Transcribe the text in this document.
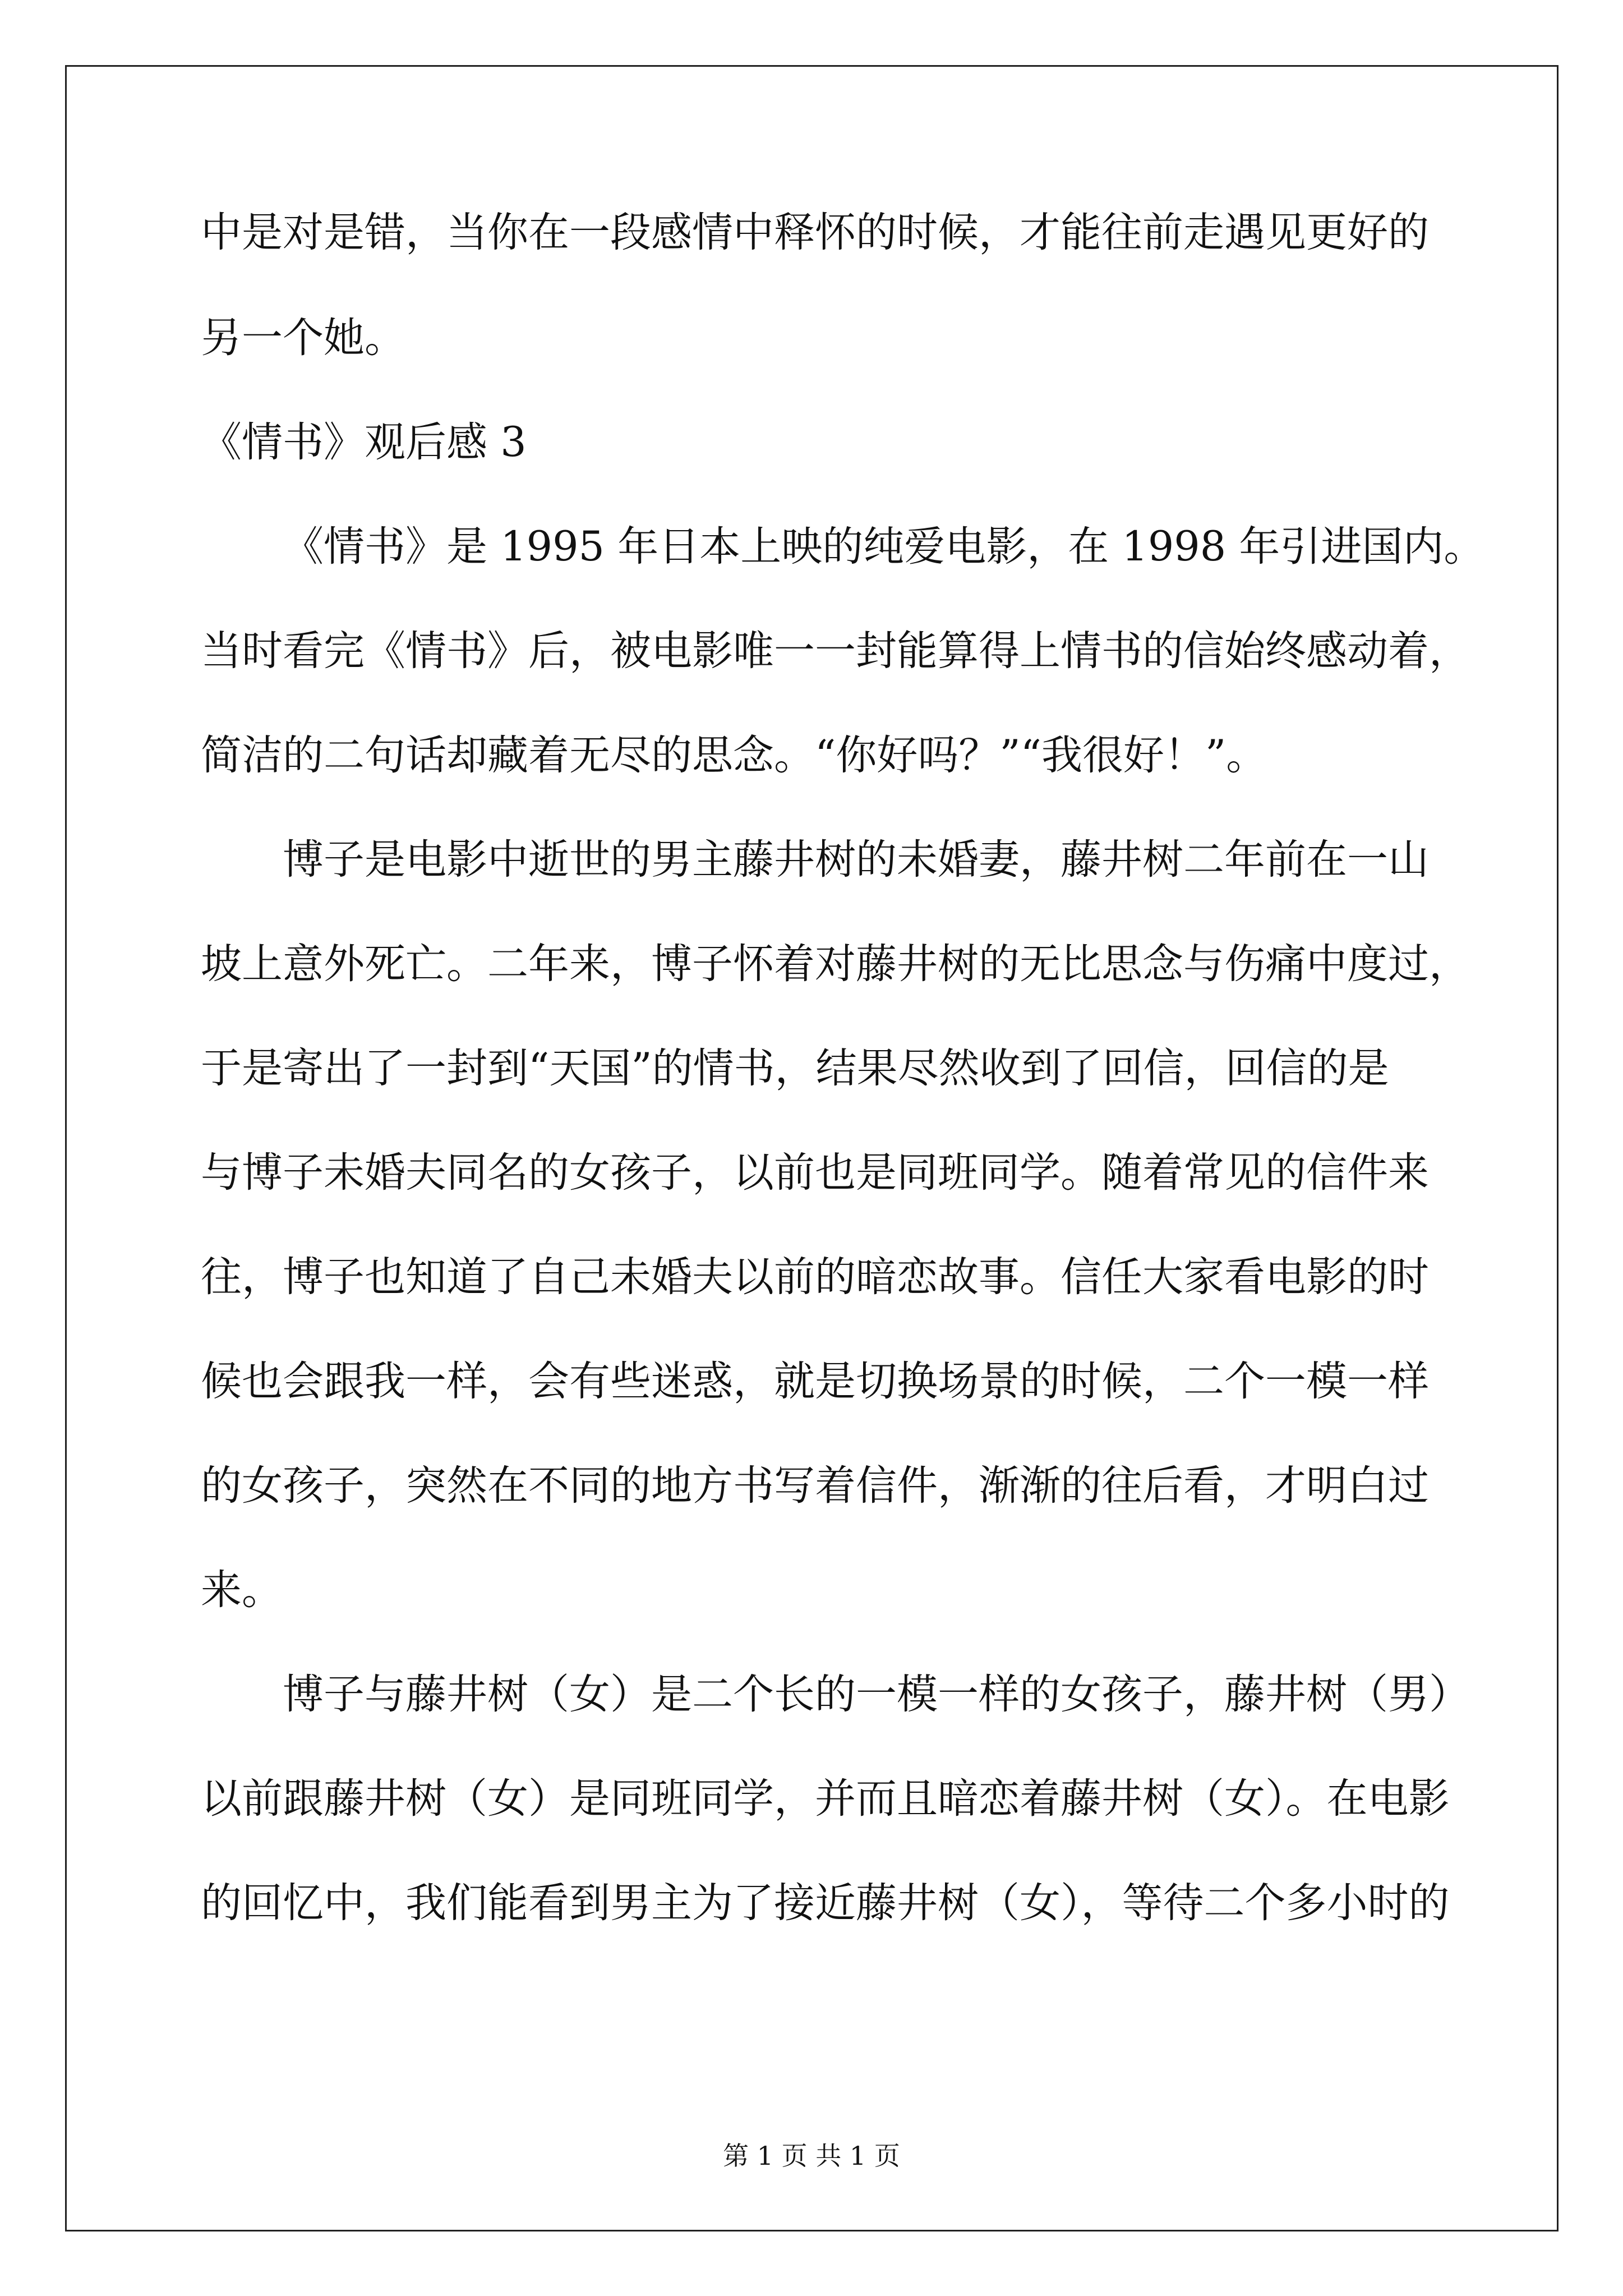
中是对是错，当你在一段感情中释怀的时候，才能往前走遇见更好的
另一个她。
《情书》观后感 3
《情书》是 1995 年日本上映的纯爱电影，在 1998 年引进国内。
当时看完《情书》后，被电影唯一一封能算得上情书的信始终感动着，
简洁的二句话却藏着无尽的思念。“你好吗？”“我很好！”。
博子是电影中逝世的男主藤井树的未婚妻，藤井树二年前在一山
坡上意外死亡。二年来，博子怀着对藤井树的无比思念与伤痛中度过，
于是寄出了一封到“天国”的情书，结果尽然收到了回信，回信的是
与博子未婚夫同名的女孩子，以前也是同班同学。随着常见的信件来
往，博子也知道了自己未婚夫以前的暗恋故事。信任大家看电影的时
候也会跟我一样，会有些迷惑，就是切换场景的时候，二个一模一样
的女孩子，突然在不同的地方书写着信件，渐渐的往后看，才明白过
来。
博子与藤井树（女）是二个长的一模一样的女孩子，藤井树（男）
以前跟藤井树（女）是同班同学，并而且暗恋着藤井树（女）。在电影
的回忆中，我们能看到男主为了接近藤井树（女），等待二个多小时的
第 1 页 共 1 页
